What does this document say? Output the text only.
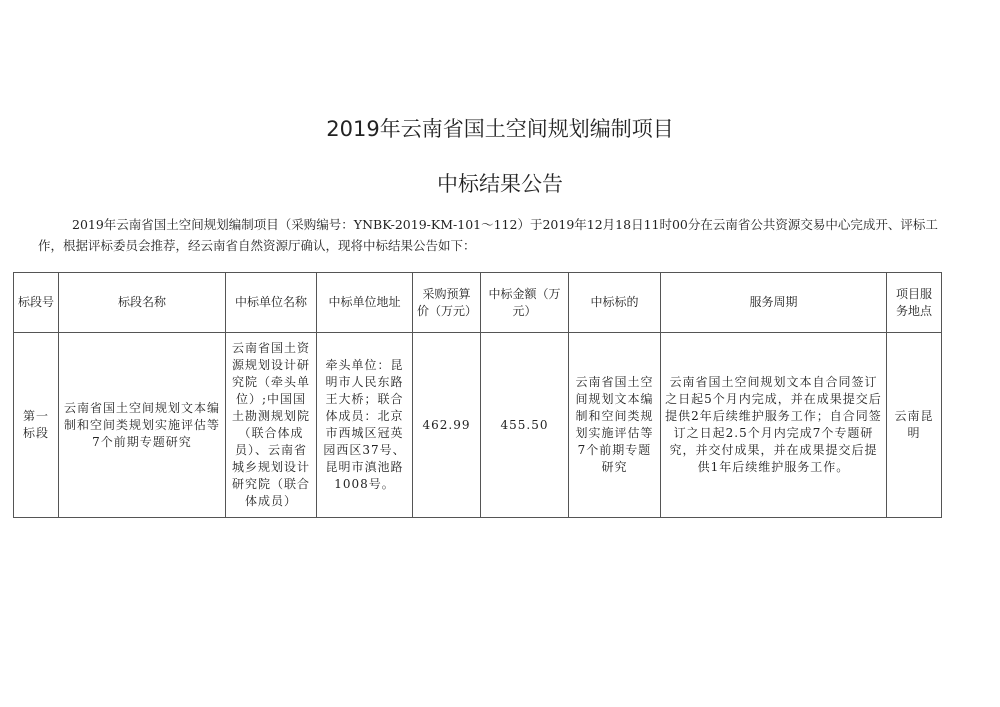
2019年云南省国土空间规划编制项目
中标结果公告
2019年云南省国土空间规划编制项目（采购编号：YNBK-2019-KM-101～112）于2019年12月18日11时00分在云南省公共资源交易中心完成开、评标工作，根据评标委员会推荐，经云南省自然资源厅确认，现将中标结果公告如下：
标段号	标段名称	中标单位名称	中标单位地址	采购预算价（万元）	中标金额（万元）	中标标的	服务周期	项目服务地点
第一标段	云南省国土空间规划文本编制和空间类规划实施评估等7个前期专题研究	云南省国土资源规划设计研究院（牵头单位）;中国国土勘测规划院（联合体成员）、云南省城乡规划设计研究院（联合体成员）	牵头单位：昆明市人民东路王大桥；联合体成员：北京市西城区冠英园西区37号、昆明市滇池路1008号。	462.99	455.50	云南省国土空间规划文本编制和空间类规划实施评估等7个前期专题研究	云南省国土空间规划文本自合同签订之日起5个月内完成，并在成果提交后提供2年后续维护服务工作；自合同签订之日起2.5个月内完成7个专题研究，并交付成果，并在成果提交后提供1年后续维护服务工作。	云南昆明
